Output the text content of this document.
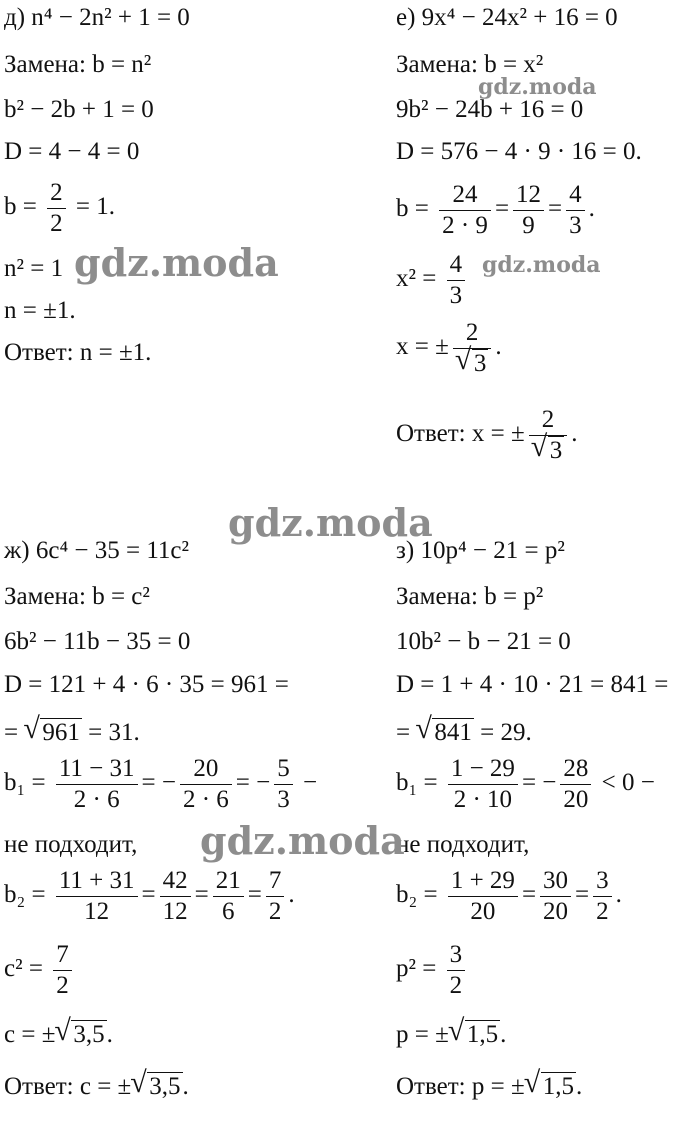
д) n⁴ − 2n² + 1 = 0
Замена: b = n²
b² − 2b + 1 = 0
D = 4 − 4 = 0
$b = \frac{2}{2} = 1$.
n² = 1
n = ±1.
Ответ: n = ±1.
е) 9x⁴ − 24x² + 16 = 0
Замена: b = x²
9b² − 24b + 16 = 0
D = 576 − 4 · 9 · 16 = 0.
$b = \frac{24}{2 \cdot 9} = \frac{12}{9} = \frac{4}{3}$ .
$x^2 = \frac{4}{3}$
x = ± 2
√ 3 .
Ответ: x = ± 2
√ 3 .
ж) 6c⁴ − 35 = 11c²
Замена: b = c²
6b² − 11b − 35 = 0
D = 121 + 4 · 6 · 35 = 961 =
= √ 961 = 31.
$b_1 = \frac{11 - 31}{2 \cdot 6}$ = − $\frac{20}{2 \cdot 6}$ = − $\frac{5}{3}$ −
не подходит,
$b_2 = \frac{11 + 31}{12} = \frac{42}{12} = \frac{21}{6} = \frac{7}{2}$ .
$c^2 = \frac{7}{2}$
c = ± √ 3,5.
Ответ: c = ± √ 3,5.
з) 10p⁴ − 21 = p²
Замена: b = p²
10b² − b − 21 = 0
D = 1 + 4 · 10 · 21 = 841 =
= √ 841 = 29.
$b_1 = \frac{1 - 29}{2 \cdot 10}$ = − $\frac{28}{20} < 0$ −
не подходит,
$b_2 = \frac{1 + 29}{20} = \frac{30}{20} = \frac{3}{2}$ .
$p^2 = \frac{3}{2}$
p = ± √ 1,5.
Ответ: p = ± √ 1,5.
gdz.moda
gdz.moda	gdz.moda
gdz.moda
gdz.moda
